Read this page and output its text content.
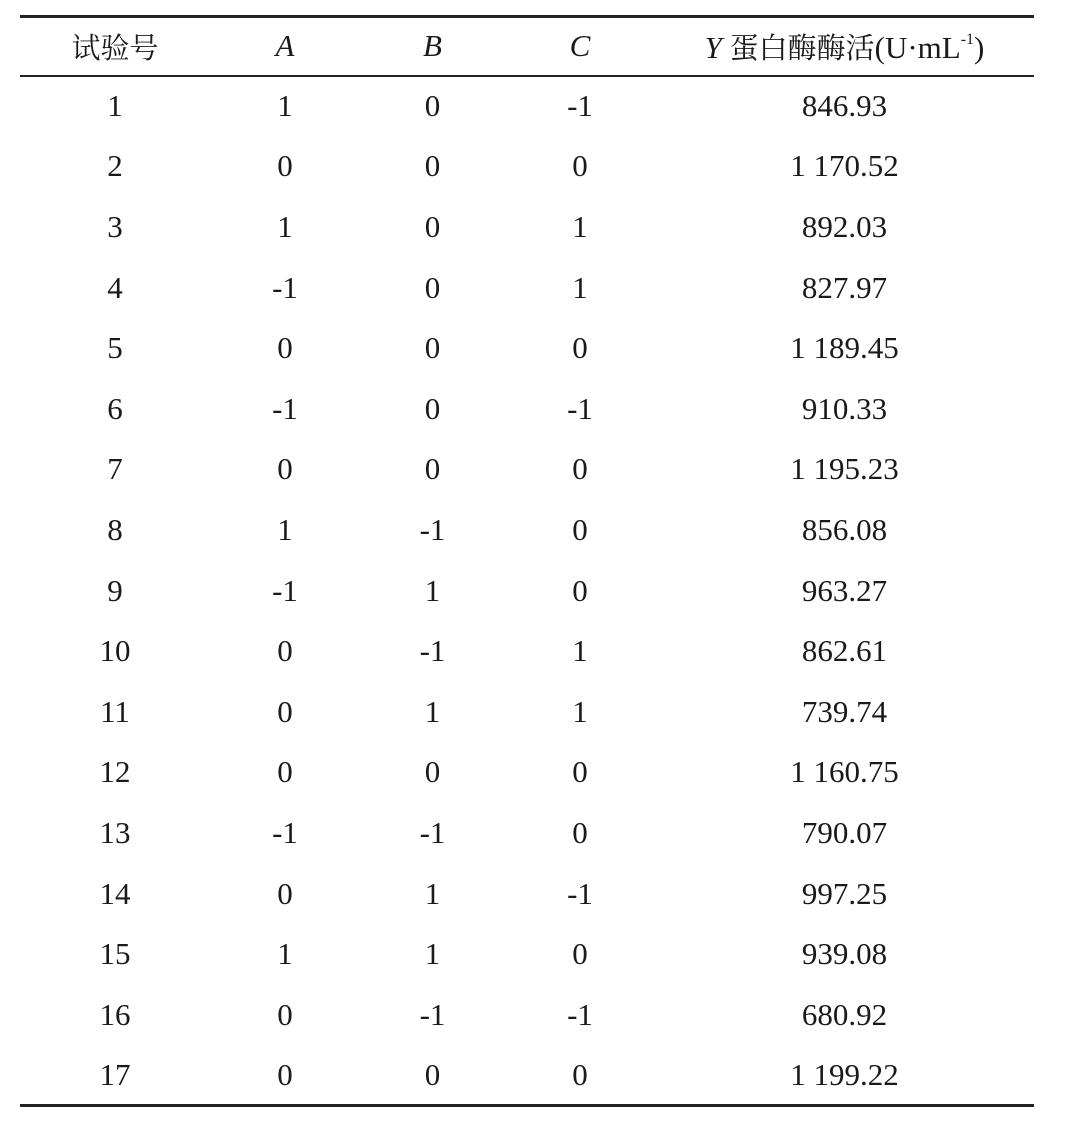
试验号	A	B	C	Y 蛋白酶酶活$(U\cdot mL^{-1})$
1	1	0	-1	846.93
2	0	0	0	1 170.52
3	1	0	1	892.03
4	-1	0	1	827.97
5	0	0	0	1 189.45
6	-1	0	-1	910.33
7	0	0	0	1 195.23
8	1	-1	0	856.08
9	-1	1	0	963.27
10	0	-1	1	862.61
11	0	1	1	739.74
12	0	0	0	1 160.75
13	-1	-1	0	790.07
14	0	1	-1	997.25
15	1	1	0	939.08
16	0	-1	-1	680.92
17	0	0	0	1 199.22
